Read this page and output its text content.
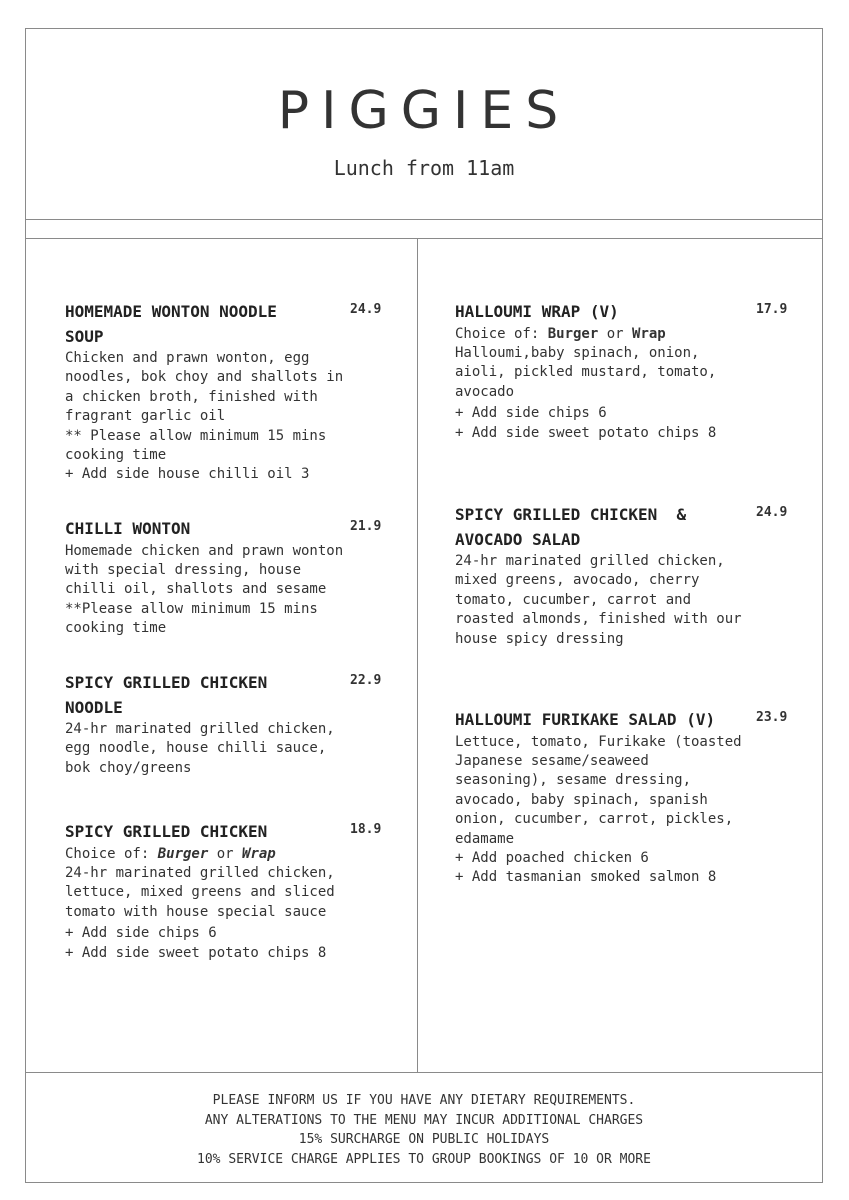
PIGGIES
Lunch from 11am
HOMEMADE WONTON NOODLE
SOUP
24.9
Chicken and prawn wonton, egg
noodles, bok choy and shallots in
a chicken broth, finished with
fragrant garlic oil
** Please allow minimum 15 mins
cooking time
+ Add side house chilli oil 3
CHILLI WONTON	21.9
Homemade chicken and prawn wonton
with special dressing, house
chilli oil, shallots and sesame
**Please allow minimum 15 mins
cooking time
SPICY GRILLED CHICKEN
NOODLE
22.9
24-hr marinated grilled chicken,
egg noodle, house chilli sauce,
bok choy/greens
SPICY GRILLED CHICKEN	18.9
Choice of: Burger or Wrap
24-hr marinated grilled chicken,
lettuce, mixed greens and sliced
tomato with house special sauce
+ Add side chips 6
+ Add side sweet potato chips 8
HALLOUMI WRAP (V)	17.9
Choice of: Burger or Wrap
Halloumi,baby spinach, onion,
aioli, pickled mustard, tomato,
avocado
+ Add side chips 6
+ Add side sweet potato chips 8
SPICY GRILLED CHICKEN  &
AVOCADO SALAD
24.9
24-hr marinated grilled chicken,
mixed greens, avocado, cherry
tomato, cucumber, carrot and
roasted almonds, finished with our
house spicy dressing
HALLOUMI FURIKAKE SALAD (V)	23.9
Lettuce, tomato, Furikake (toasted
Japanese sesame/seaweed
seasoning), sesame dressing,
avocado, baby spinach, spanish
onion, cucumber, carrot, pickles,
edamame
+ Add poached chicken 6
+ Add tasmanian smoked salmon 8
PLEASE INFORM US IF YOU HAVE ANY DIETARY REQUIREMENTS.
ANY ALTERATIONS TO THE MENU MAY INCUR ADDITIONAL CHARGES
15% SURCHARGE ON PUBLIC HOLIDAYS
10% SERVICE CHARGE APPLIES TO GROUP BOOKINGS OF 10 OR MORE
